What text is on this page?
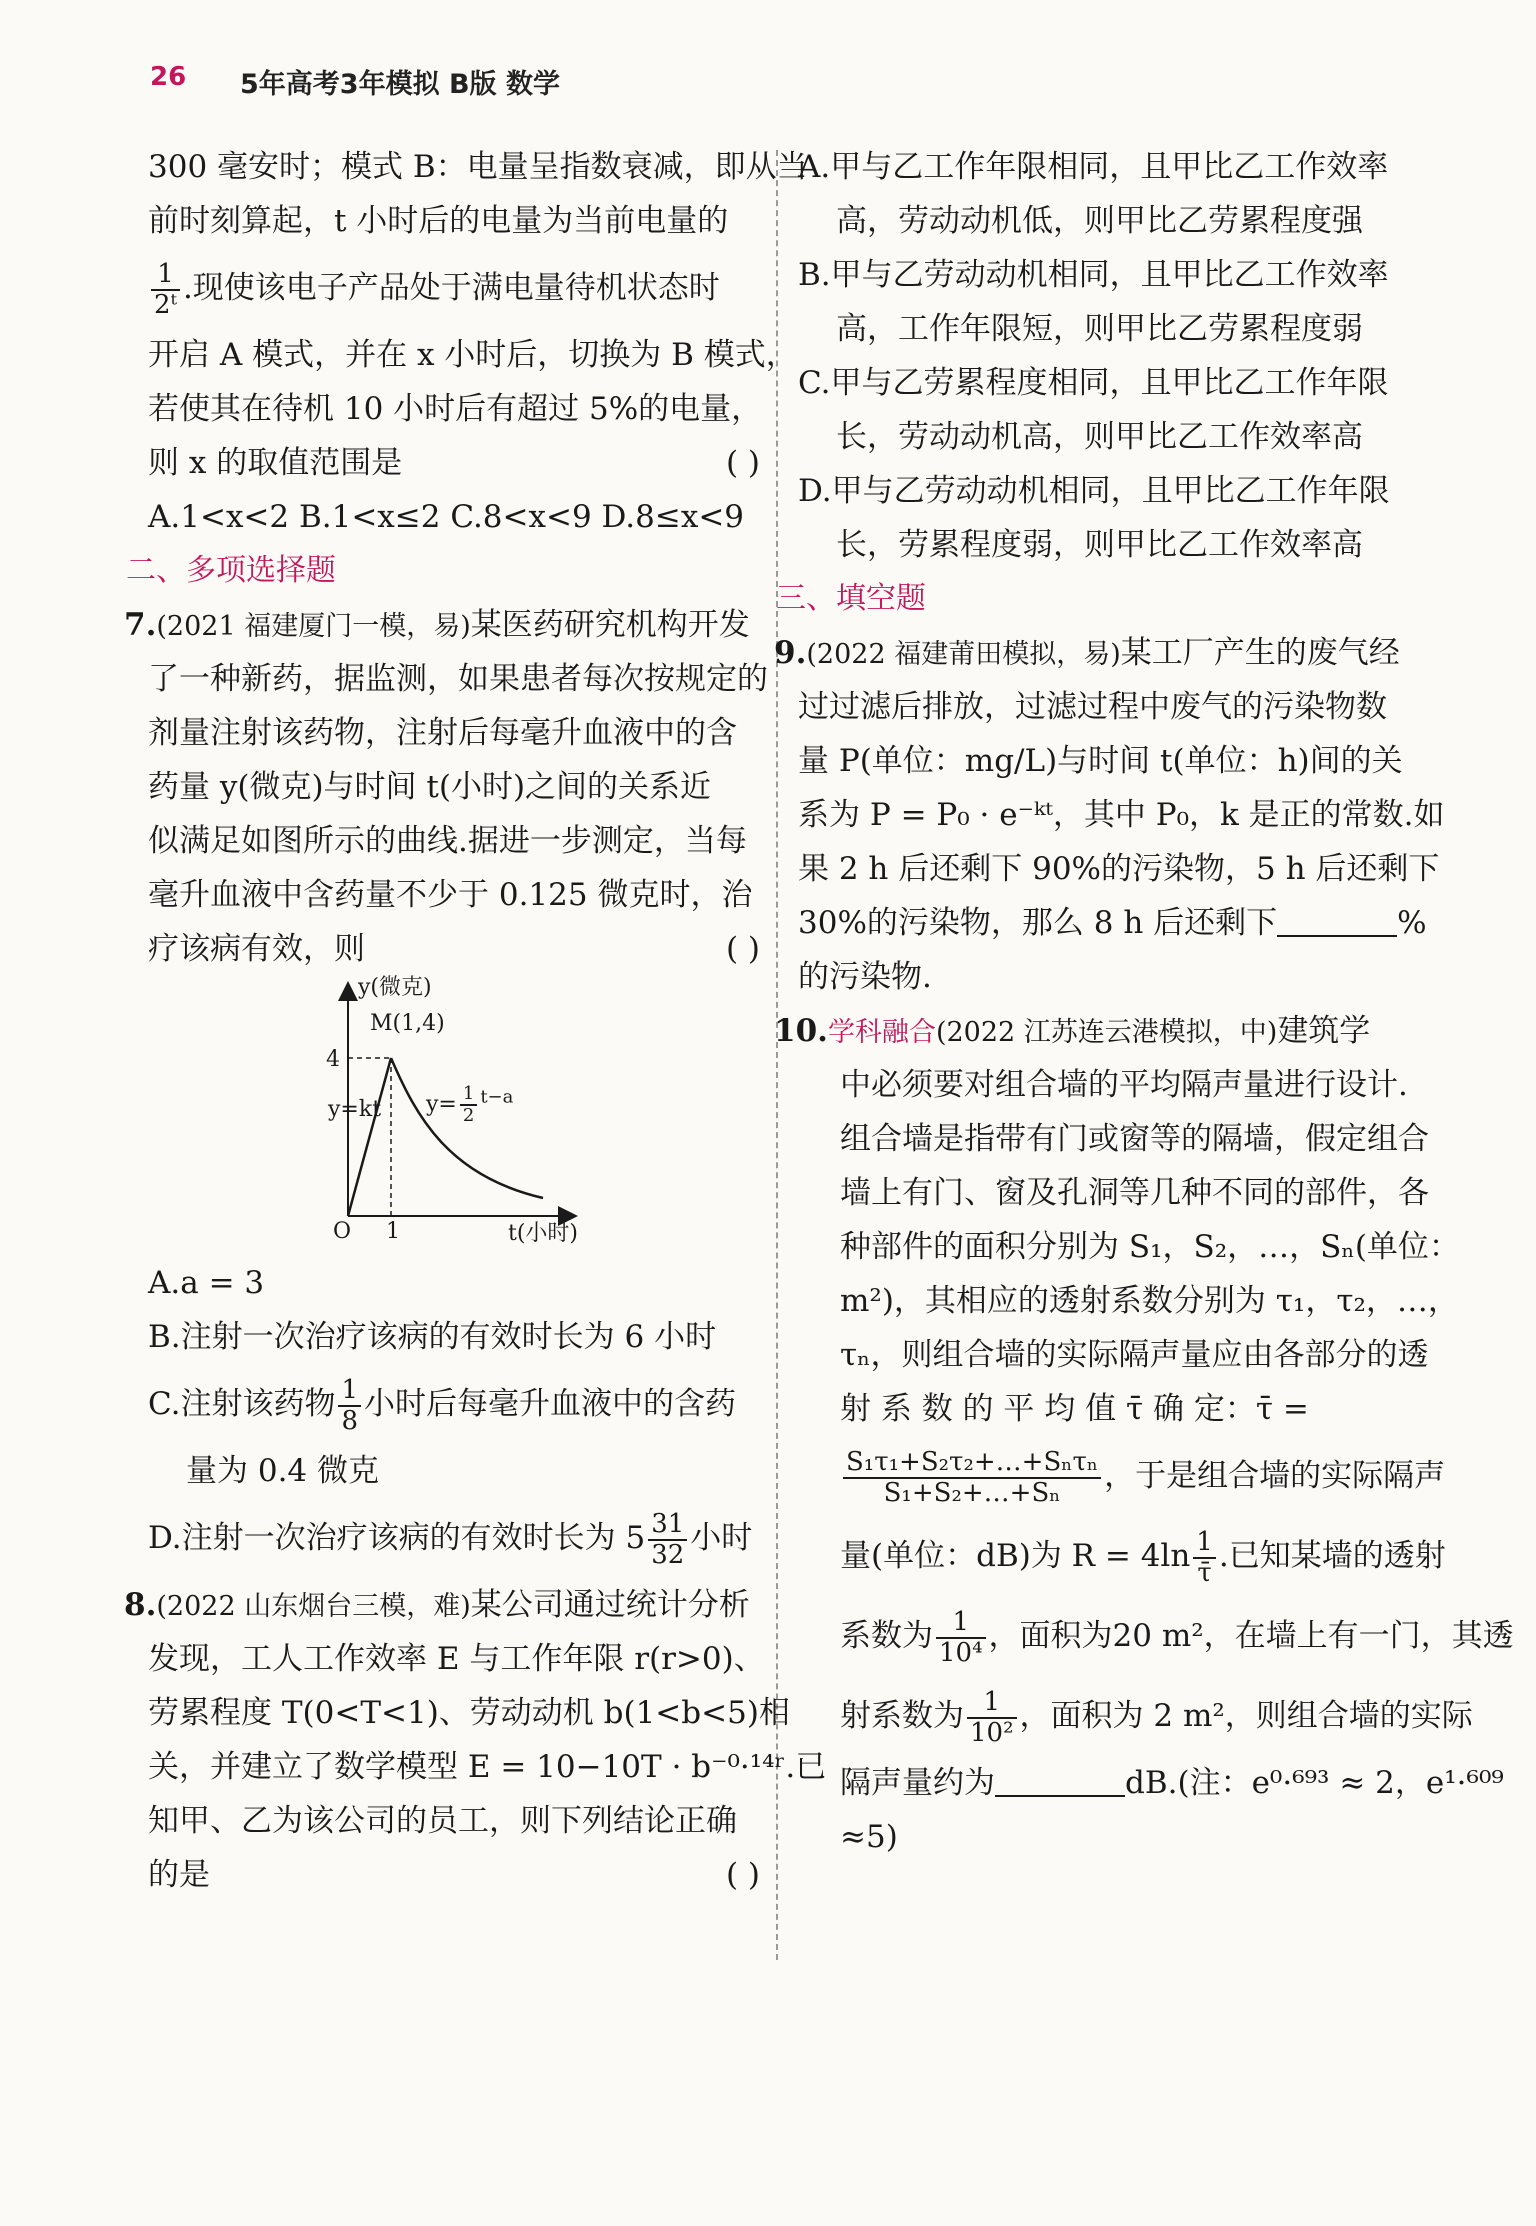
26 5年高考3年模拟 B版 数学
300 毫安时；模式 B：电量呈指数衰减，即从当
前时刻算起，t 小时后的电量为当前电量的
$\frac{1}{\text{2ᵗ}}$ .现使该电子产品处于满电量待机状态时
开启 A 模式，并在 x 小时后，切换为 B 模式，
若使其在待机 10 小时后有超过 5%的电量，
则 x 的取值范围是	( )
A.1<x<2 B.1<x≤2 C.8<x<9 D.8≤x<9
二、多项选择题
7.(2021 福建厦门一模，易)某医药研究机构开发
了一种新药，据监测，如果患者每次按规定的
剂量注射该药物，注射后每毫升血液中的含
药量 y(微克)与时间 t(小时)之间的关系近
似满足如图所示的曲线.据进一步测定，当每
毫升血液中含药量不少于 0.125 微克时，治
疗该病有效，则	( )
y(微克)
M(1,4)
4
y=kt $y= \frac{1}{2} ^{t-a}$
O 1	t(小时)
A.a = 3
B.注射一次治疗该病的有效时长为 6 小时
C.注射该药物 $\frac{1}{8}$ 小时后每毫升血液中的含药
量为 0.4 微克
D.注射一次治疗该病的有效时长为 $5 \frac{31}{32}$ 小时
8.(2022 山东烟台三模，难)某公司通过统计分析
发现，工人工作效率 E 与工作年限 r(r>0)、
劳累程度 T(0<T<1)、劳动动机 b(1<b<5)相
关，并建立了数学模型 E = 10−10T · b⁻⁰·¹⁴ʳ.已
知甲、乙为该公司的员工，则下列结论正确
的是	( )
A.甲与乙工作年限相同，且甲比乙工作效率
高，劳动动机低，则甲比乙劳累程度强
B.甲与乙劳动动机相同，且甲比乙工作效率
高，工作年限短，则甲比乙劳累程度弱
C.甲与乙劳累程度相同，且甲比乙工作年限
长，劳动动机高，则甲比乙工作效率高
D.甲与乙劳动动机相同，且甲比乙工作年限
长，劳累程度弱，则甲比乙工作效率高
三、填空题
9.(2022 福建莆田模拟，易)某工厂产生的废气经
过过滤后排放，过滤过程中废气的污染物数
量 P(单位：mg/L)与时间 t(单位：h)间的关
系为 P = P₀ · e⁻ᵏᵗ，其中 P₀，k 是正的常数.如
果 2 h 后还剩下 90%的污染物，5 h 后还剩下
30%的污染物，那么 8 h 后还剩下	%
的污染物.
10.学科融合(2022 江苏连云港模拟，中)建筑学
中必须要对组合墙的平均隔声量进行设计.
组合墙是指带有门或窗等的隔墙，假定组合
墙上有门、窗及孔洞等几种不同的部件，各
种部件的面积分别为 S₁，S₂，…，Sₙ(单位：
m²)，其相应的透射系数分别为 τ₁，τ₂，…，
τₙ，则组合墙的实际隔声量应由各部分的透
射 系 数 的 平 均 值 τ̄ 确 定：τ̄ =
$\frac{\text{S₁τ₁+S₂τ₂+…+Sₙτₙ}}{\text{S₁+S₂+…+Sₙ}}$ ，于是组合墙的实际隔声
量(单位：dB)为 $R = 4\ln \frac{1}{\taū}$ .已知某墙的透射
系数为 $\frac{1}{\text{10⁴}}$ ，面积为20 m²，在墙上有一门，其透
射系数为 $\frac{1}{\text{10²}}$ ，面积为 2 m²，则组合墙的实际
隔声量约为	dB.(注：e⁰·⁶⁹³ ≈ 2，e¹·⁶⁰⁹
≈5)
